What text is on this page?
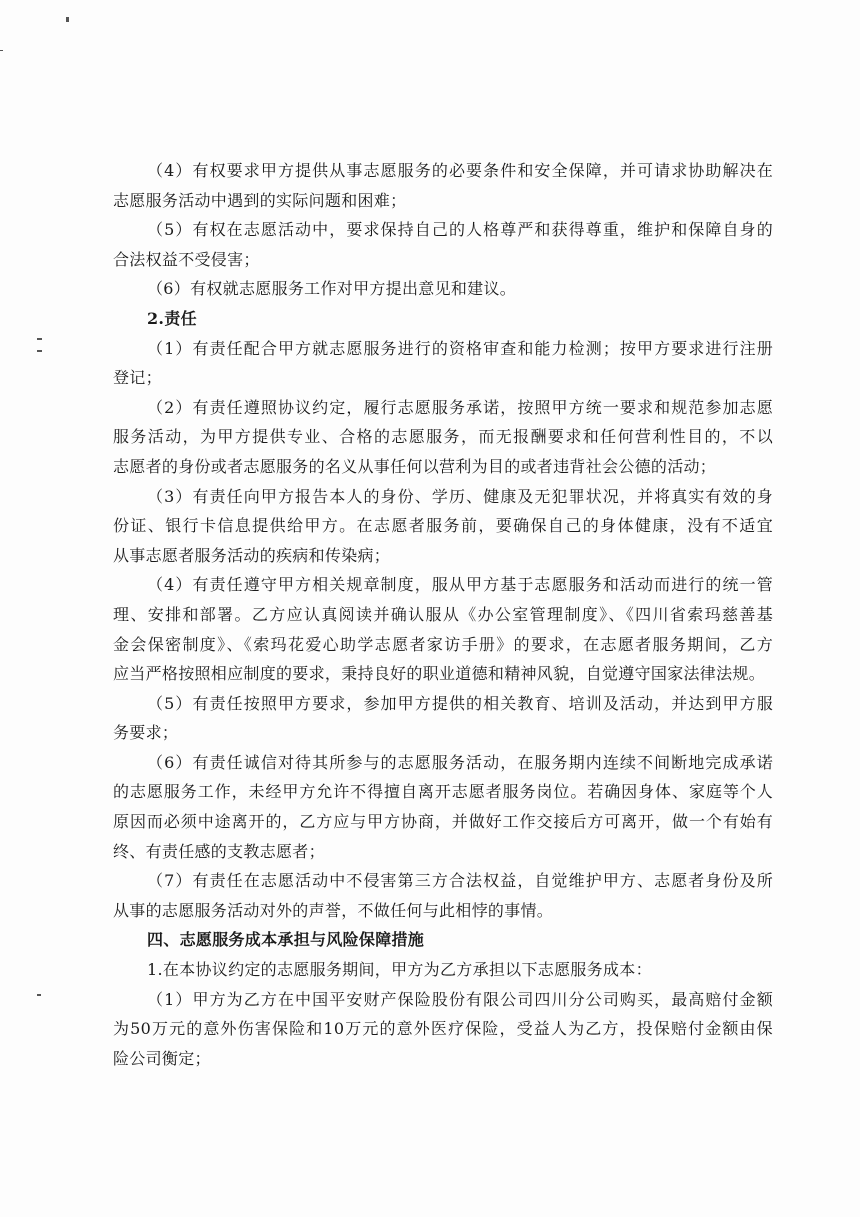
（4）有权要求甲方提供从事志愿服务的必要条件和安全保障，并可请求协助解决在
志愿服务活动中遇到的实际问题和困难；
（5）有权在志愿活动中，要求保持自己的人格尊严和获得尊重，维护和保障自身的
合法权益不受侵害；
（6）有权就志愿服务工作对甲方提出意见和建议。
2.责任
（1）有责任配合甲方就志愿服务进行的资格审查和能力检测；按甲方要求进行注册
登记；
（2）有责任遵照协议约定，履行志愿服务承诺，按照甲方统一要求和规范参加志愿
服务活动，为甲方提供专业、合格的志愿服务，而无报酬要求和任何营利性目的，不以
志愿者的身份或者志愿服务的名义从事任何以营利为目的或者违背社会公德的活动；
（3）有责任向甲方报告本人的身份、学历、健康及无犯罪状况，并将真实有效的身
份证、银行卡信息提供给甲方。在志愿者服务前，要确保自己的身体健康，没有不适宜
从事志愿者服务活动的疾病和传染病；
（4）有责任遵守甲方相关规章制度，服从甲方基于志愿服务和活动而进行的统一管
理、安排和部署。乙方应认真阅读并确认服从《办公室管理制度》、《四川省索玛慈善基
金会保密制度》、《索玛花爱心助学志愿者家访手册》的要求，在志愿者服务期间，乙方
应当严格按照相应制度的要求，秉持良好的职业道德和精神风貌，自觉遵守国家法律法规。
（5）有责任按照甲方要求，参加甲方提供的相关教育、培训及活动，并达到甲方服
务要求；
（6）有责任诚信对待其所参与的志愿服务活动，在服务期内连续不间断地完成承诺
的志愿服务工作，未经甲方允许不得擅自离开志愿者服务岗位。若确因身体、家庭等个人
原因而必须中途离开的，乙方应与甲方协商，并做好工作交接后方可离开，做一个有始有
终、有责任感的支教志愿者；
（7）有责任在志愿活动中不侵害第三方合法权益，自觉维护甲方、志愿者身份及所
从事的志愿服务活动对外的声誉，不做任何与此相悖的事情。
四、志愿服务成本承担与风险保障措施
1.在本协议约定的志愿服务期间，甲方为乙方承担以下志愿服务成本：
（1）甲方为乙方在中国平安财产保险股份有限公司四川分公司购买，最高赔付金额
为50万元的意外伤害保险和10万元的意外医疗保险，受益人为乙方，投保赔付金额由保
险公司衡定；
